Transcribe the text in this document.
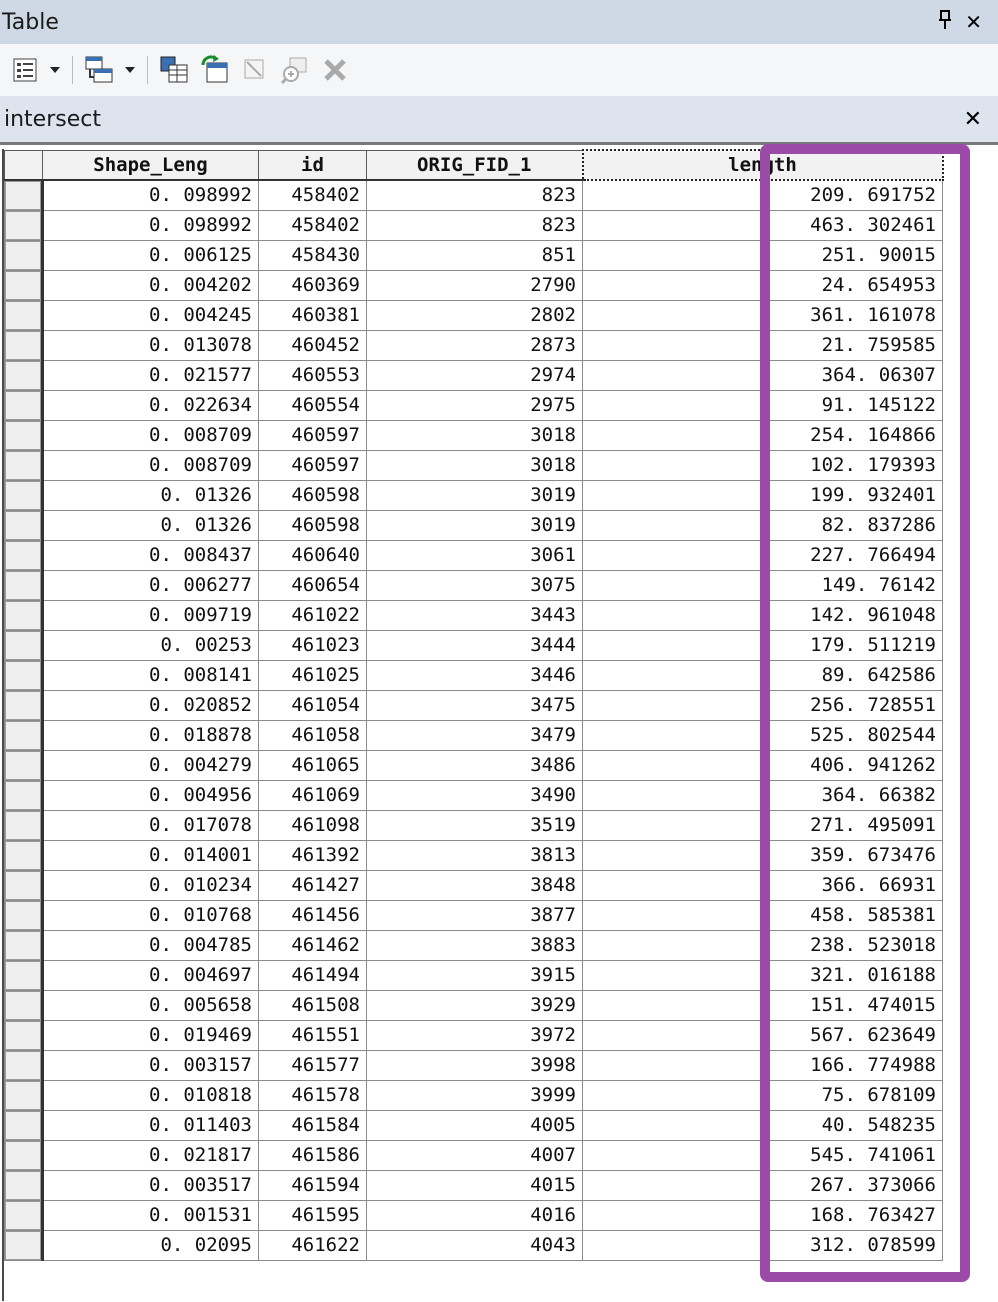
Table	✕
intersect	✕
	Shape_Leng	id	ORIG_FID_1	length

	0. 098992	458402	823	209. 691752

	0. 098992	458402	823	463. 302461

	0. 006125	458430	851	251. 90015

	0. 004202	460369	2790	24. 654953

	0. 004245	460381	2802	361. 161078

	0. 013078	460452	2873	21. 759585

	0. 021577	460553	2974	364. 06307

	0. 022634	460554	2975	91. 145122

	0. 008709	460597	3018	254. 164866

	0. 008709	460597	3018	102. 179393

	0. 01326	460598	3019	199. 932401

	0. 01326	460598	3019	82. 837286

	0. 008437	460640	3061	227. 766494

	0. 006277	460654	3075	149. 76142

	0. 009719	461022	3443	142. 961048

	0. 00253	461023	3444	179. 511219

	0. 008141	461025	3446	89. 642586

	0. 020852	461054	3475	256. 728551

	0. 018878	461058	3479	525. 802544

	0. 004279	461065	3486	406. 941262

	0. 004956	461069	3490	364. 66382

	0. 017078	461098	3519	271. 495091

	0. 014001	461392	3813	359. 673476

	0. 010234	461427	3848	366. 66931

	0. 010768	461456	3877	458. 585381

	0. 004785	461462	3883	238. 523018

	0. 004697	461494	3915	321. 016188

	0. 005658	461508	3929	151. 474015

	0. 019469	461551	3972	567. 623649

	0. 003157	461577	3998	166. 774988

	0. 010818	461578	3999	75. 678109

	0. 011403	461584	4005	40. 548235

	0. 021817	461586	4007	545. 741061

	0. 003517	461594	4015	267. 373066

	0. 001531	461595	4016	168. 763427

	0. 02095	461622	4043	312. 078599
